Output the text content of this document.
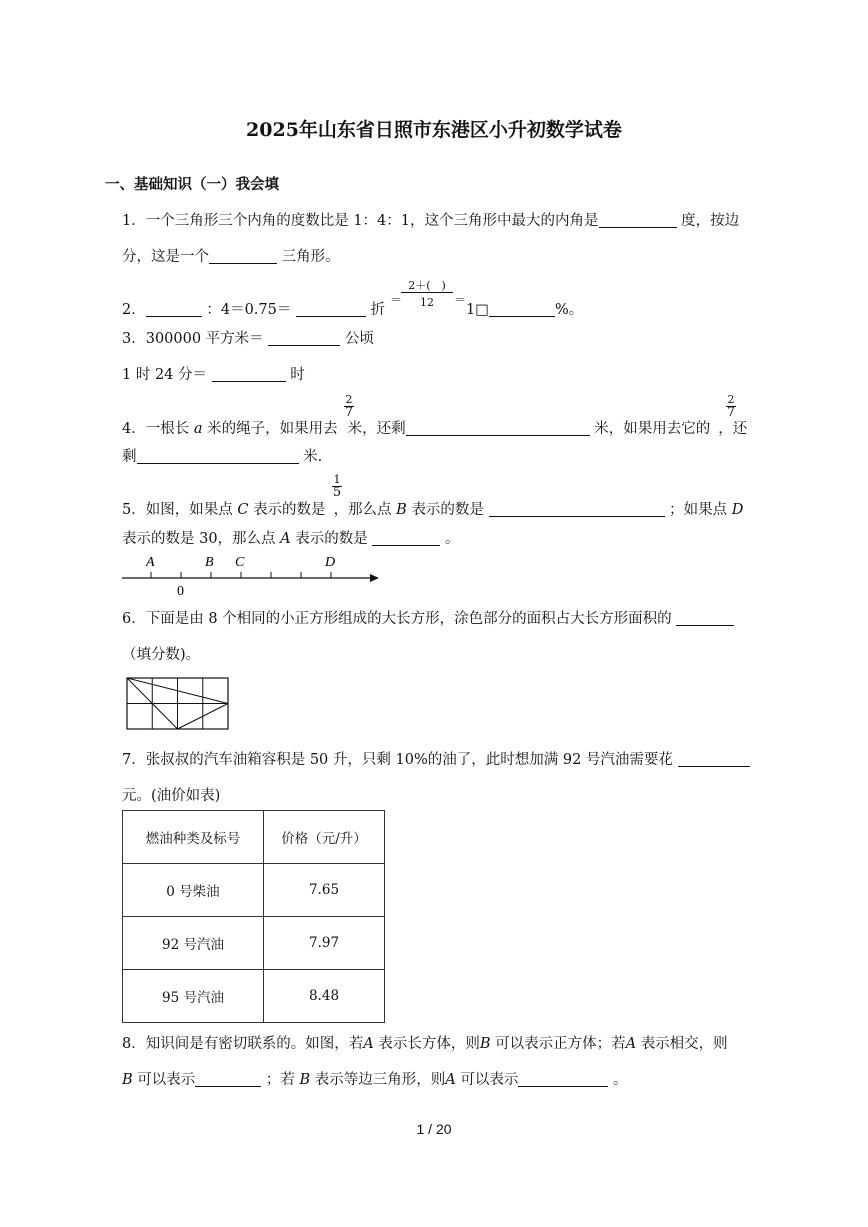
2025年山东省日照市东港区小升初数学试卷
一、基础知识（一）我会填
1．一个三角形三个内角的度数比是 1：4：1，这个三角形中最大的内角是	度，按边
分，这是一个	三角形。
2．	：4＝0.75＝	折
＝
2＋(　)
12	＝
1□	%。
3．300000 平方米＝	公顷
1 时 24 分＝	时
4．一根长 a 米的绳子，如果用去 米，还剩	米，如果用去它的 ，还
2
7
2
7
剩	米.
5．如图，如果点 C 表示的数是 ，那么点 B 表示的数是	；如果点 D
1
5
表示的数是 30，那么点 A 表示的数是	。
A	B C	D
0
6．下面是由 8 个相同的小正方形组成的大长方形，涂色部分的面积占大长方形面积的
（填分数)。
7．张叔叔的汽车油箱容积是 50 升，只剩 10%的油了，此时想加满 92 号汽油需要花
元。(油价如表)
燃油种类及标号	价格（元/升）
0 号柴油	7.65
92 号汽油	7.97
95 号汽油	8.48
8．知识间是有密切联系的。如图，若A 表示长方体，则B 可以表示正方体；若A 表示相交，则
B 可以表示	；若 B 表示等边三角形，则A 可以表示	。
1 / 20
